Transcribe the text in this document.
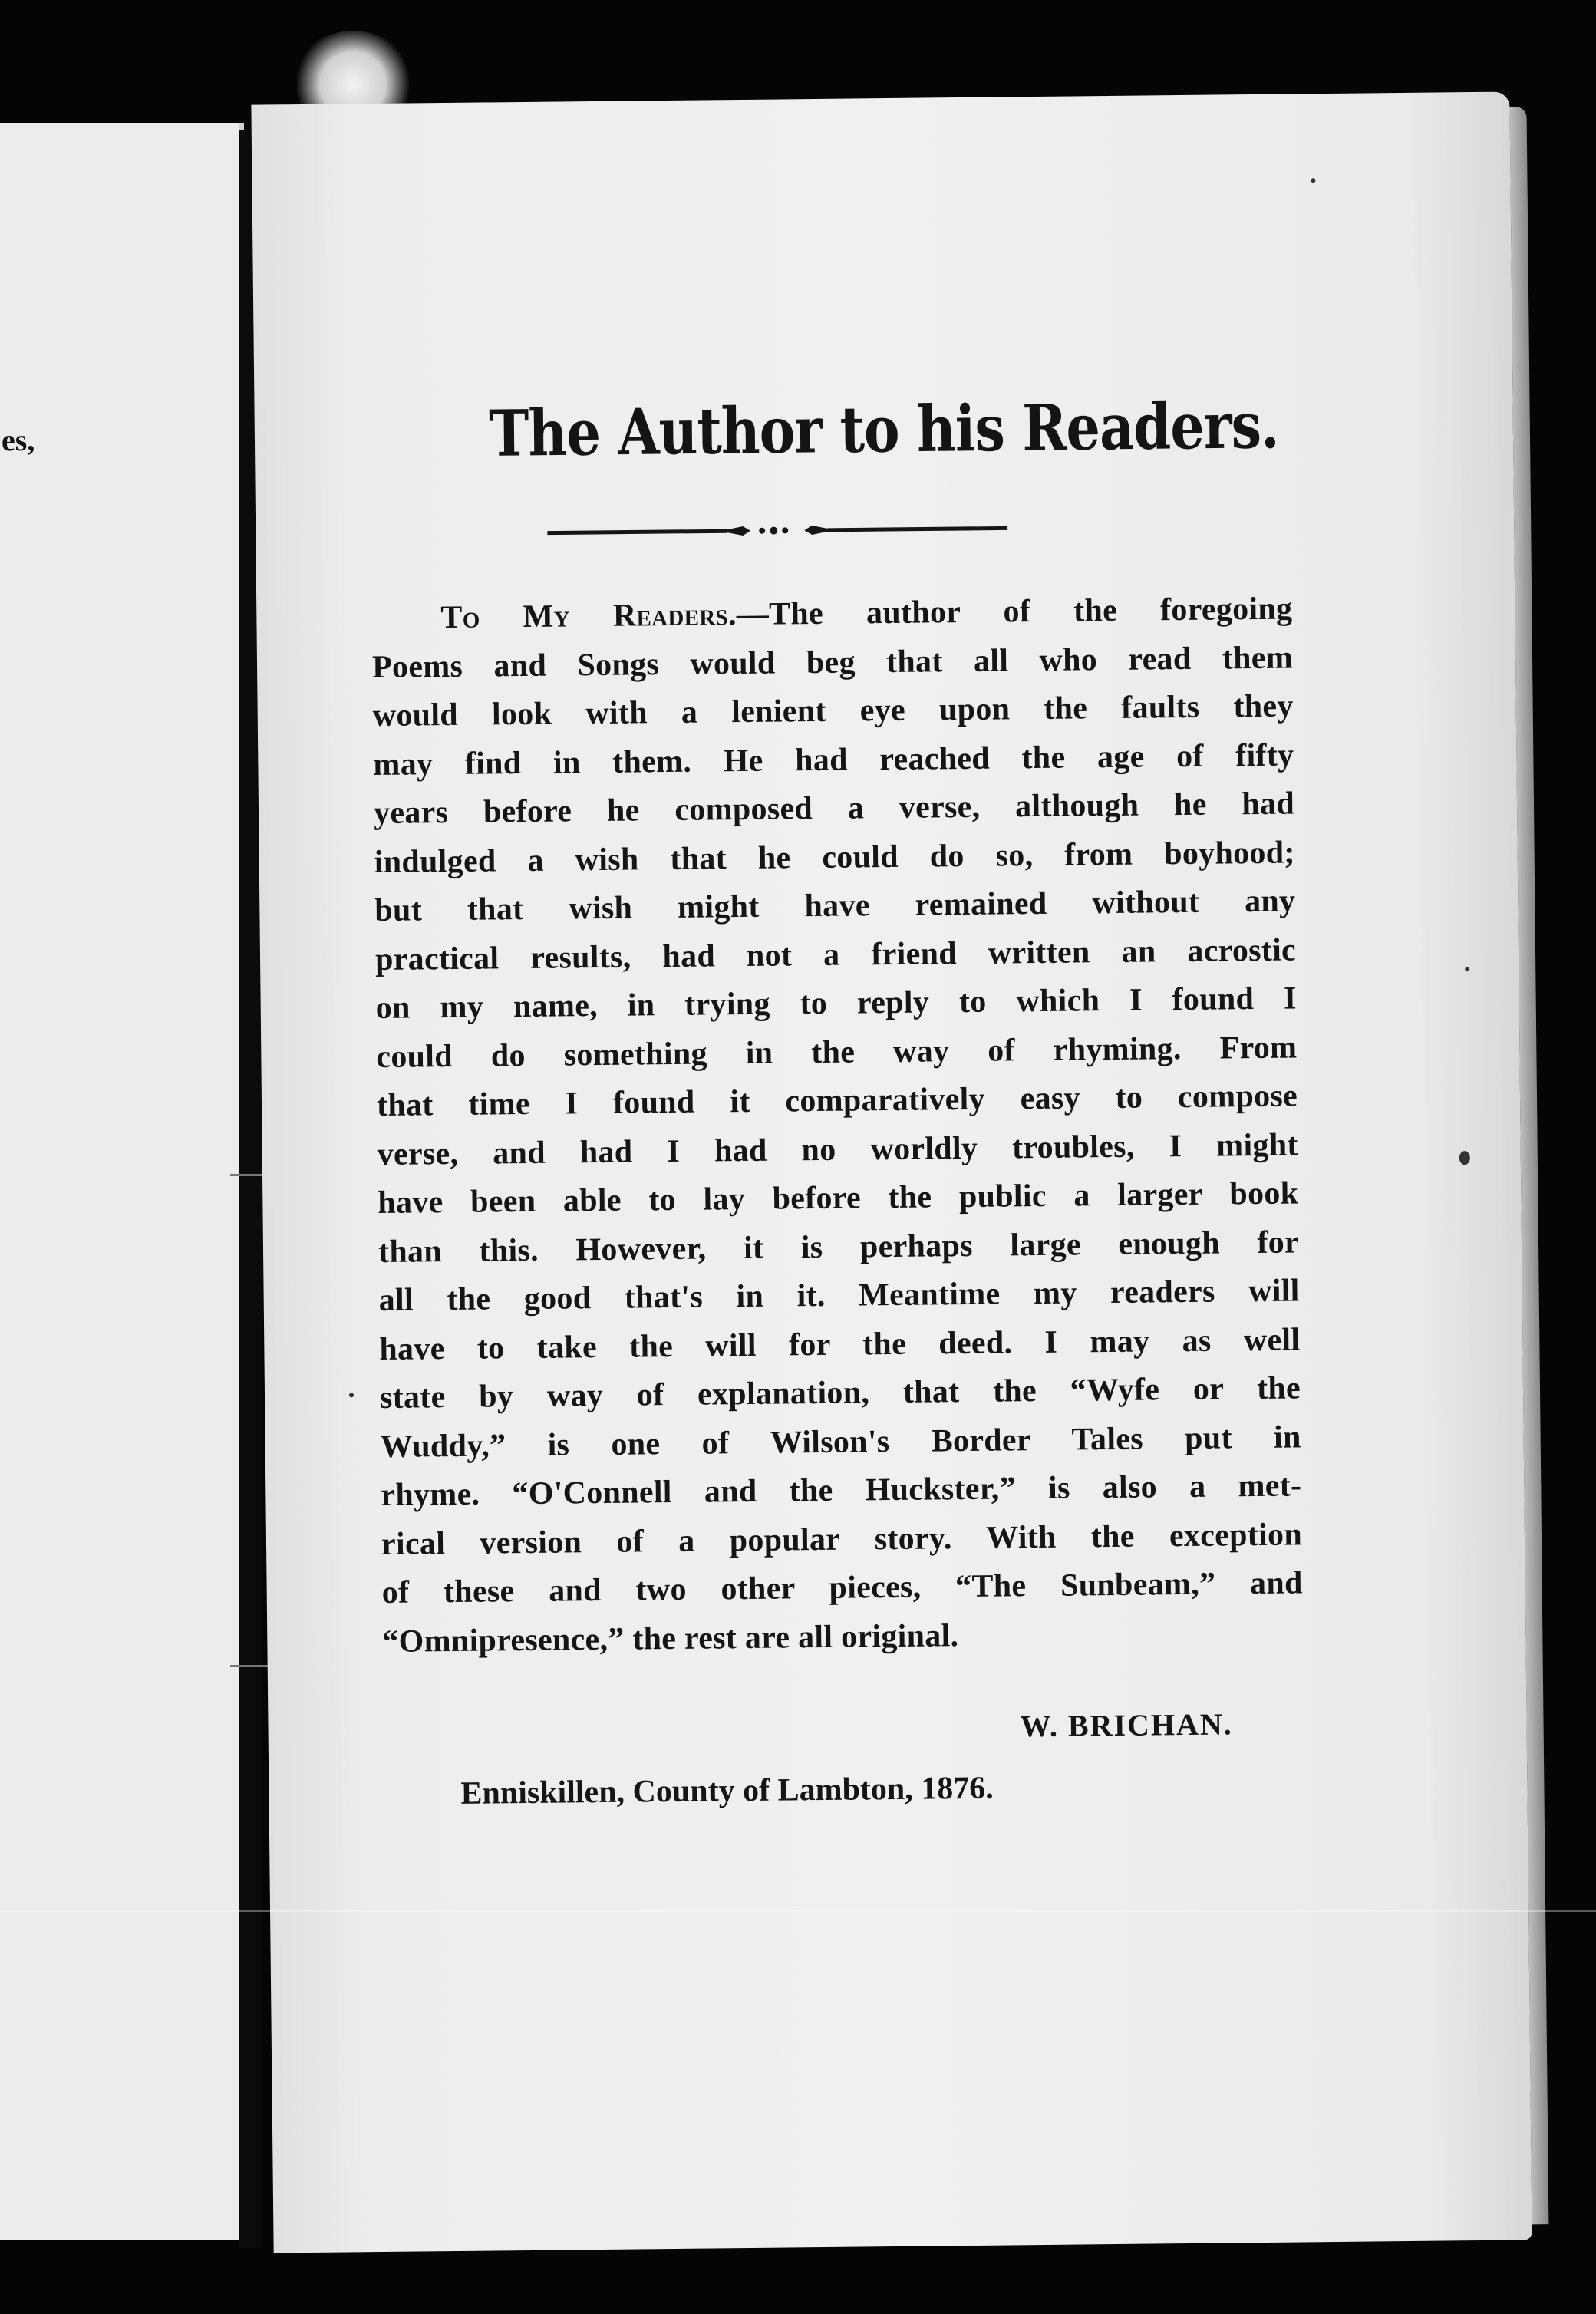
es,	The Author to his Readers.
To My Readers.—The author of the foregoing
Poems and Songs would beg that all who read them
would look with a lenient eye upon the faults they
may find in them. He had reached the age of fifty
years before he composed a verse, although he had
indulged a wish that he could do so, from boyhood;
but that wish might have remained without any
practical results, had not a friend written an acrostic
on my name, in trying to reply to which I found I
could do something in the way of rhyming. From
that time I found it comparatively easy to compose
verse, and had I had no worldly troubles, I might
have been able to lay before the public a larger book
than this. However, it is perhaps large enough for
all the good that's in it. Meantime my readers will
have to take the will for the deed. I may as well
state by way of explanation, that the “Wyfe or the
Wuddy,” is one of Wilson's Border Tales put in
rhyme. “O'Connell and the Huckster,” is also a met-
rical version of a popular story. With the exception
of these and two other pieces, “The Sunbeam,” and
“Omnipresence,” the rest are all original.
W. BRICHAN.
Enniskillen, County of Lambton, 1876.
